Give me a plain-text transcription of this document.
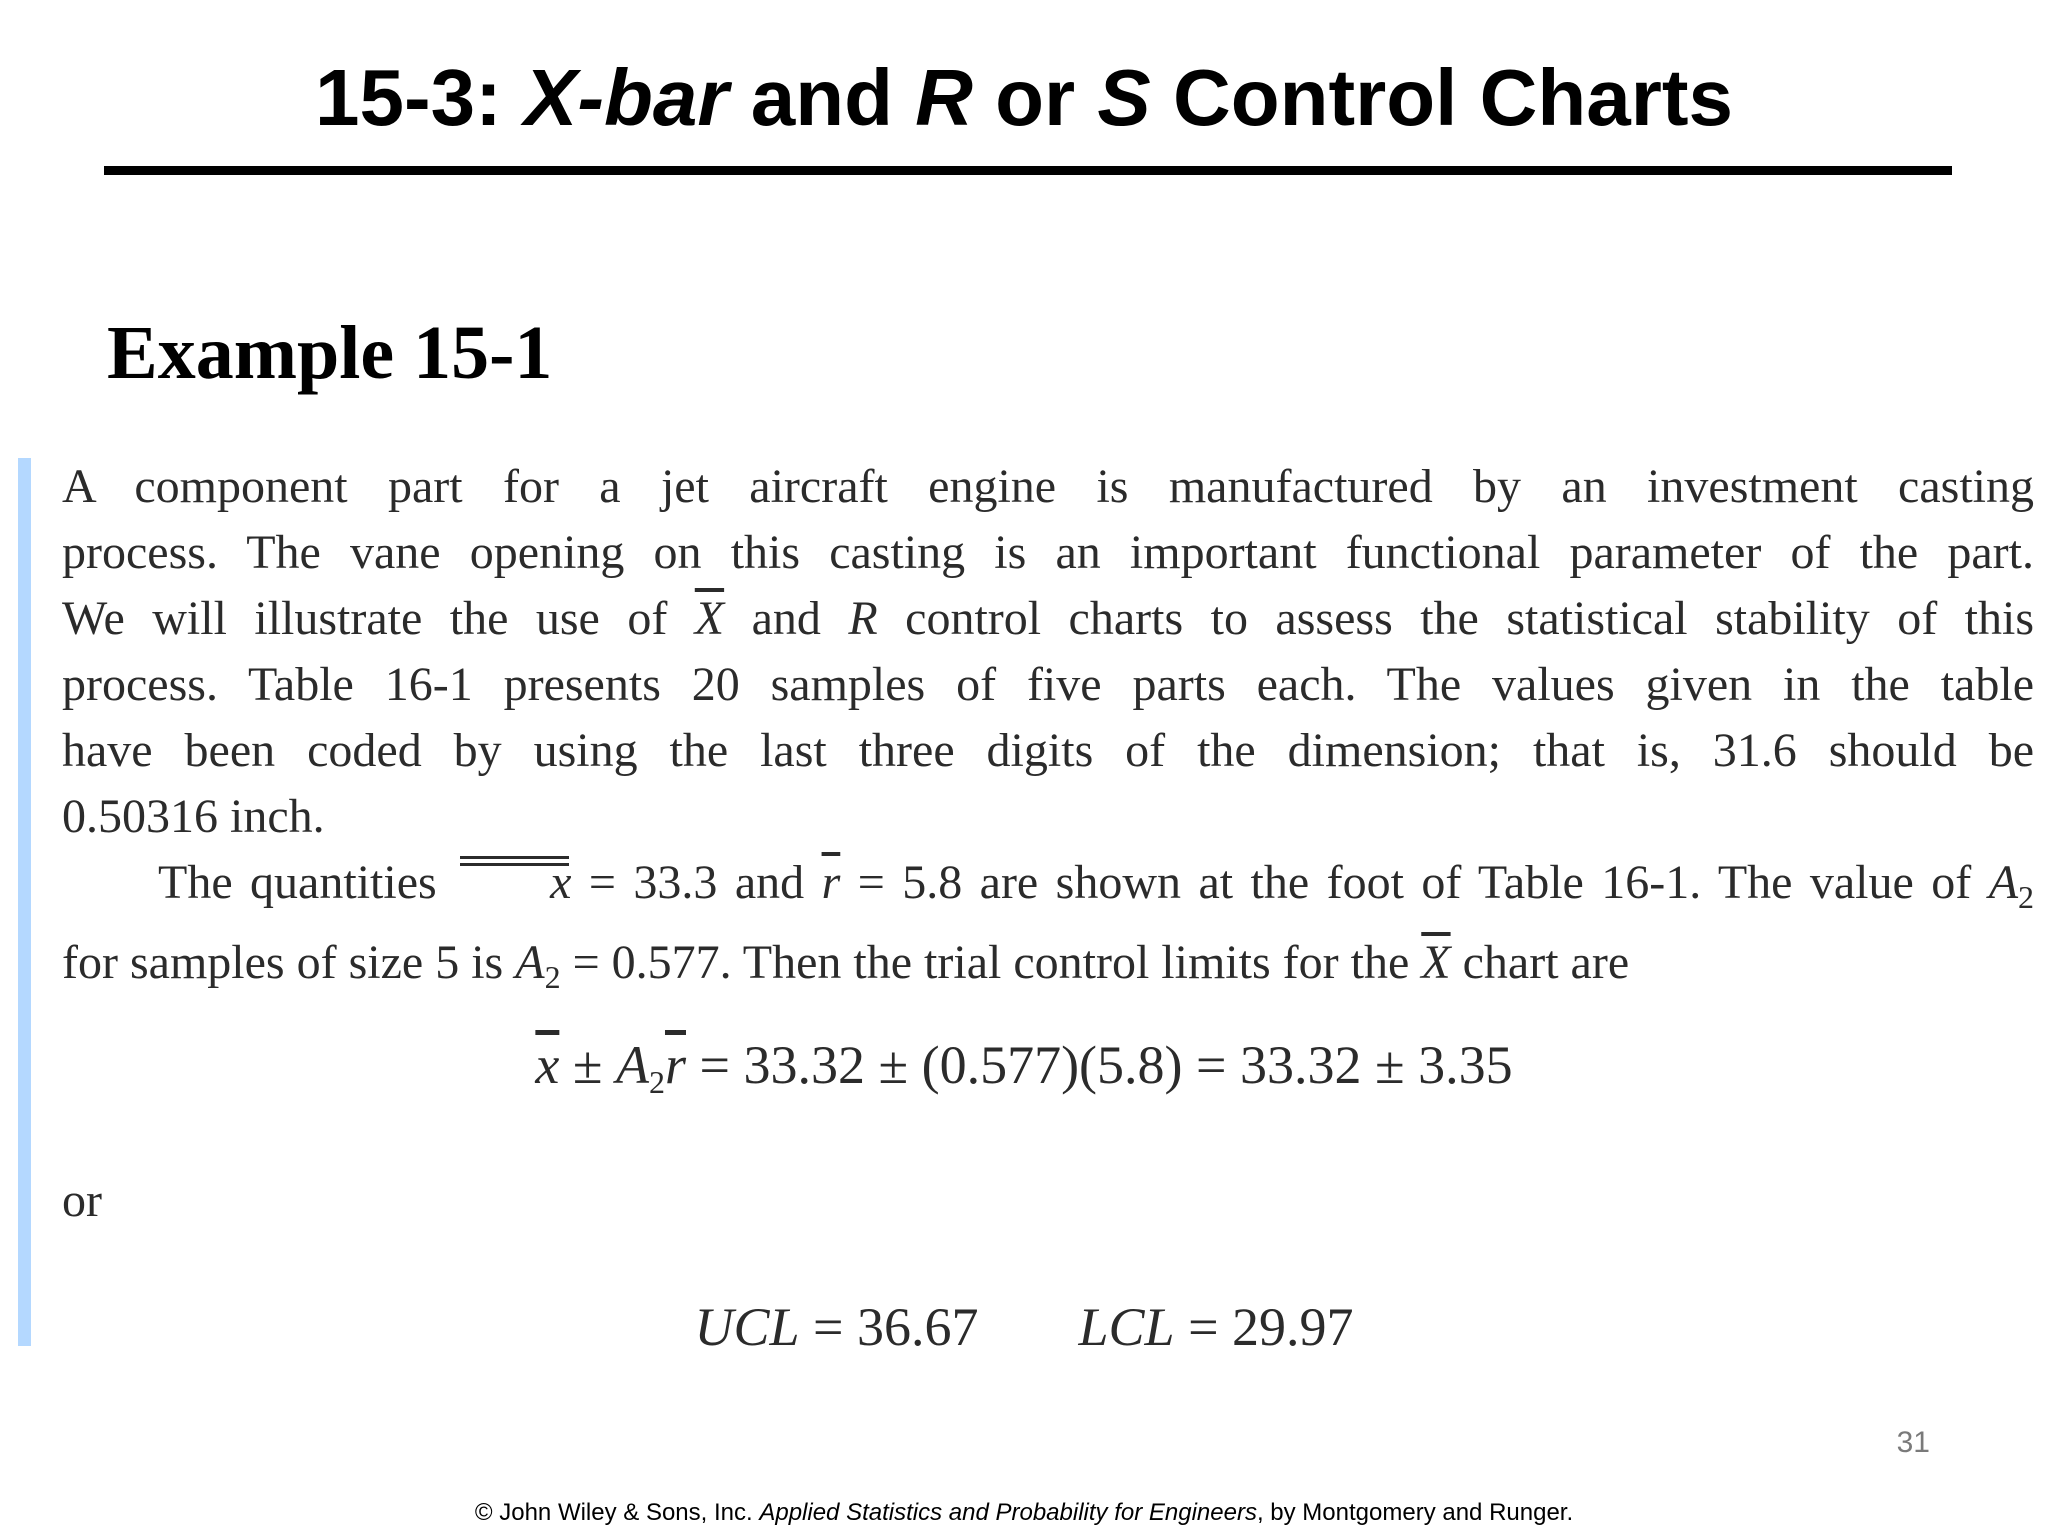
15-3: X-bar and R or S Control Charts
Example 15-1
A component part for a jet aircraft engine is manufactured by an investment casting
process. The vane opening on this casting is an important functional parameter of the part.
We will illustrate the use of $\overline{X}$ and R control charts to assess the statistical stability of this
process. Table 16-1 presents 20 samples of five parts each. The values given in the table
have been coded by using the last three digits of the dimension; that is, 31.6 should be
0.50316 inch.
The quantities x = 33.3 and $\overline{r} = 5.8$ are shown at the foot of Table 16-1. The value of $A_2$
for samples of size 5 is $A_2 = 0.577$. Then the trial control limits for the $\overline{X}$ chart are
$\overline{x} \pm A_2\overline{r} = 33.32 \pm (0.577)(5.8) = 33.32 \pm 3.35$
or
UCL = 36.67 LCL = 29.97
31
© John Wiley & Sons, Inc. Applied Statistics and Probability for Engineers, by Montgomery and Runger.
